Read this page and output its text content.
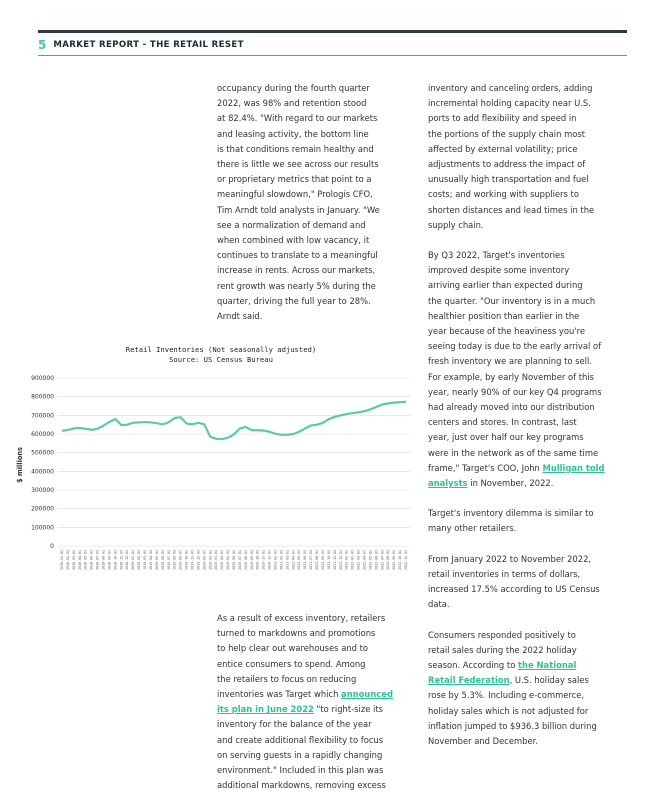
5 MARKET REPORT - THE RETAIL RESET

occupancy during the fourth quarter
2022, was 98% and retention stood
at 82.4%. "With regard to our markets
and leasing activity, the bottom line
is that conditions remain healthy and
there is little we see across our results
or proprietary metrics that point to a
meaningful slowdown," Prologis CFO,
Tim Arndt told analysts in January. "We
see a normalization of demand and
when combined with low vacancy, it
continues to translate to a meaningful
increase in rents. Across our markets,
rent growth was nearly 5% during the
quarter, driving the full year to 28%.
Arndt said.

Retail Inventories (Not seasonally adjusted)
Source: US Census Bureau
$ millions
0
100000
200000
300000
400000
500000
600000
700000
800000
900000
2018-01-01 2018-02-01 2018-03-01 2018-04-01 2018-05-01 2018-06-01 2018-07-01 2018-08-01 2018-09-01 2018-10-01 2018-11-01 2018-12-01 2019-01-01 2019-02-01 2019-03-01 2019-04-01 2019-05-01 2019-06-01 2019-07-01 2019-08-01 2019-09-01 2019-10-01 2019-11-01 2019-12-01 2020-01-01 2020-02-01 2020-03-01 2020-04-01 2020-05-01 2020-06-01 2020-07-01 2020-08-01 2020-09-01 2020-10-01 2020-11-01 2020-12-01 2021-01-01 2021-02-01 2021-03-01 2021-04-01 2021-05-01 2021-06-01 2021-07-01 2021-08-01 2021-09-01 2021-10-01 2021-11-01 2021-12-01 2022-01-01 2022-02-01 2022-03-01 2022-04-01 2022-05-01 2022-06-01 2022-07-01 2022-08-01 2022-09-01 2022-10-01 2022-11-01

As a result of excess inventory, retailers
turned to markdowns and promotions
to help clear out warehouses and to
entice consumers to spend. Among
the retailers to focus on reducing
inventories was Target which announced
its plan in June 2022 "to right-size its
inventory for the balance of the year
and create additional flexibility to focus
on serving guests in a rapidly changing
environment." Included in this plan was
additional markdowns, removing excess

inventory and canceling orders, adding
incremental holding capacity near U.S.
ports to add flexibility and speed in
the portions of the supply chain most
affected by external volatility; price
adjustments to address the impact of
unusually high transportation and fuel
costs; and working with suppliers to
shorten distances and lead times in the
supply chain.

By Q3 2022, Target's inventories
improved despite some inventory
arriving earlier than expected during
the quarter. "Our inventory is in a much
healthier position than earlier in the
year because of the heaviness you're
seeing today is due to the early arrival of
fresh inventory we are planning to sell.
For example, by early November of this
year, nearly 90% of our key Q4 programs
had already moved into our distribution
centers and stores. In contrast, last
year, just over half our key programs
were in the network as of the same time
frame," Target's COO, John Mulligan told
analysts in November, 2022.

Target's inventory dilemma is similar to
many other retailers.

From January 2022 to November 2022,
retail inventories in terms of dollars,
increased 17.5% according to US Census
data.

Consumers responded positively to
retail sales during the 2022 holiday
season. According to the National
Retail Federation, U.S. holiday sales
rose by 5.3%. Including e-commerce,
holiday sales which is not adjusted for
inflation jumped to $936.3 billion during
November and December.
